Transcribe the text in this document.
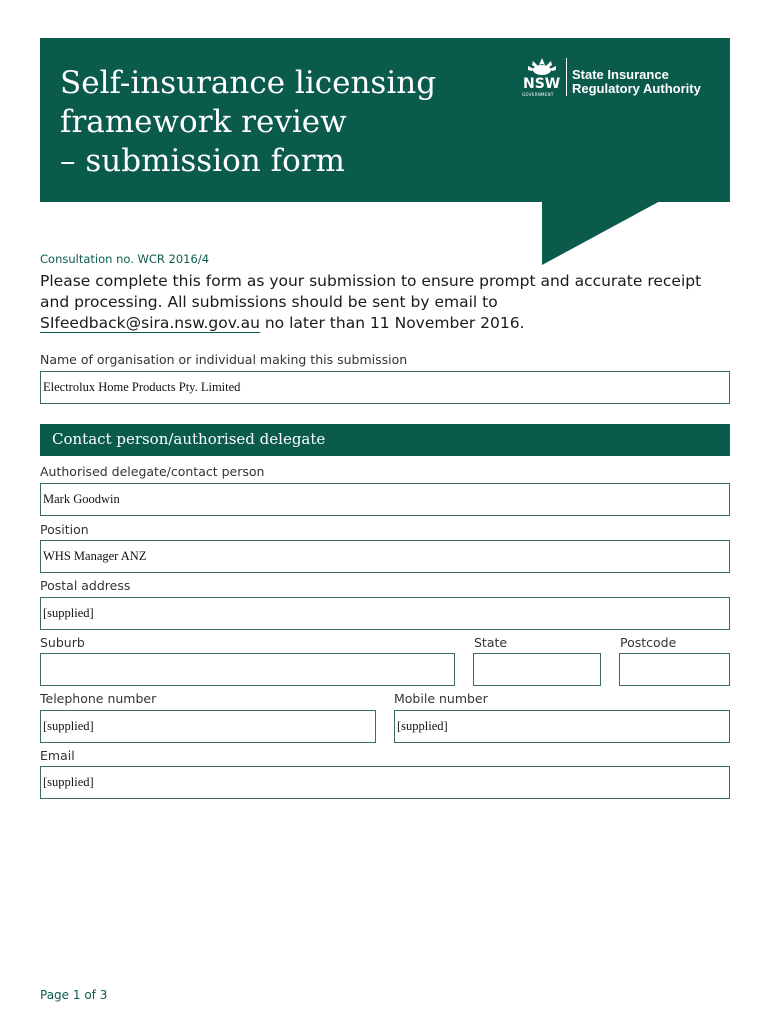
Self-insurance licensing
framework review
– submission form
NSW
GOVERNMENT
State Insurance
Regulatory Authority
Consultation no. WCR 2016/4

Please complete this form as your submission to ensure prompt and accurate receipt and processing. All submissions should be sent by email to SIfeedback@sira.nsw.gov.au no later than 11 November 2016.

Name of organisation or individual making this submission
Electrolux Home Products Pty. Limited
Contact person/authorised delegate
Authorised delegate/contact person
Mark Goodwin
Position
WHS Manager ANZ
Postal address
[supplied]
Suburb	State	Postcode
Telephone number
[supplied]
Mobile number
[supplied]
Email
[supplied]
Page 1 of 3
